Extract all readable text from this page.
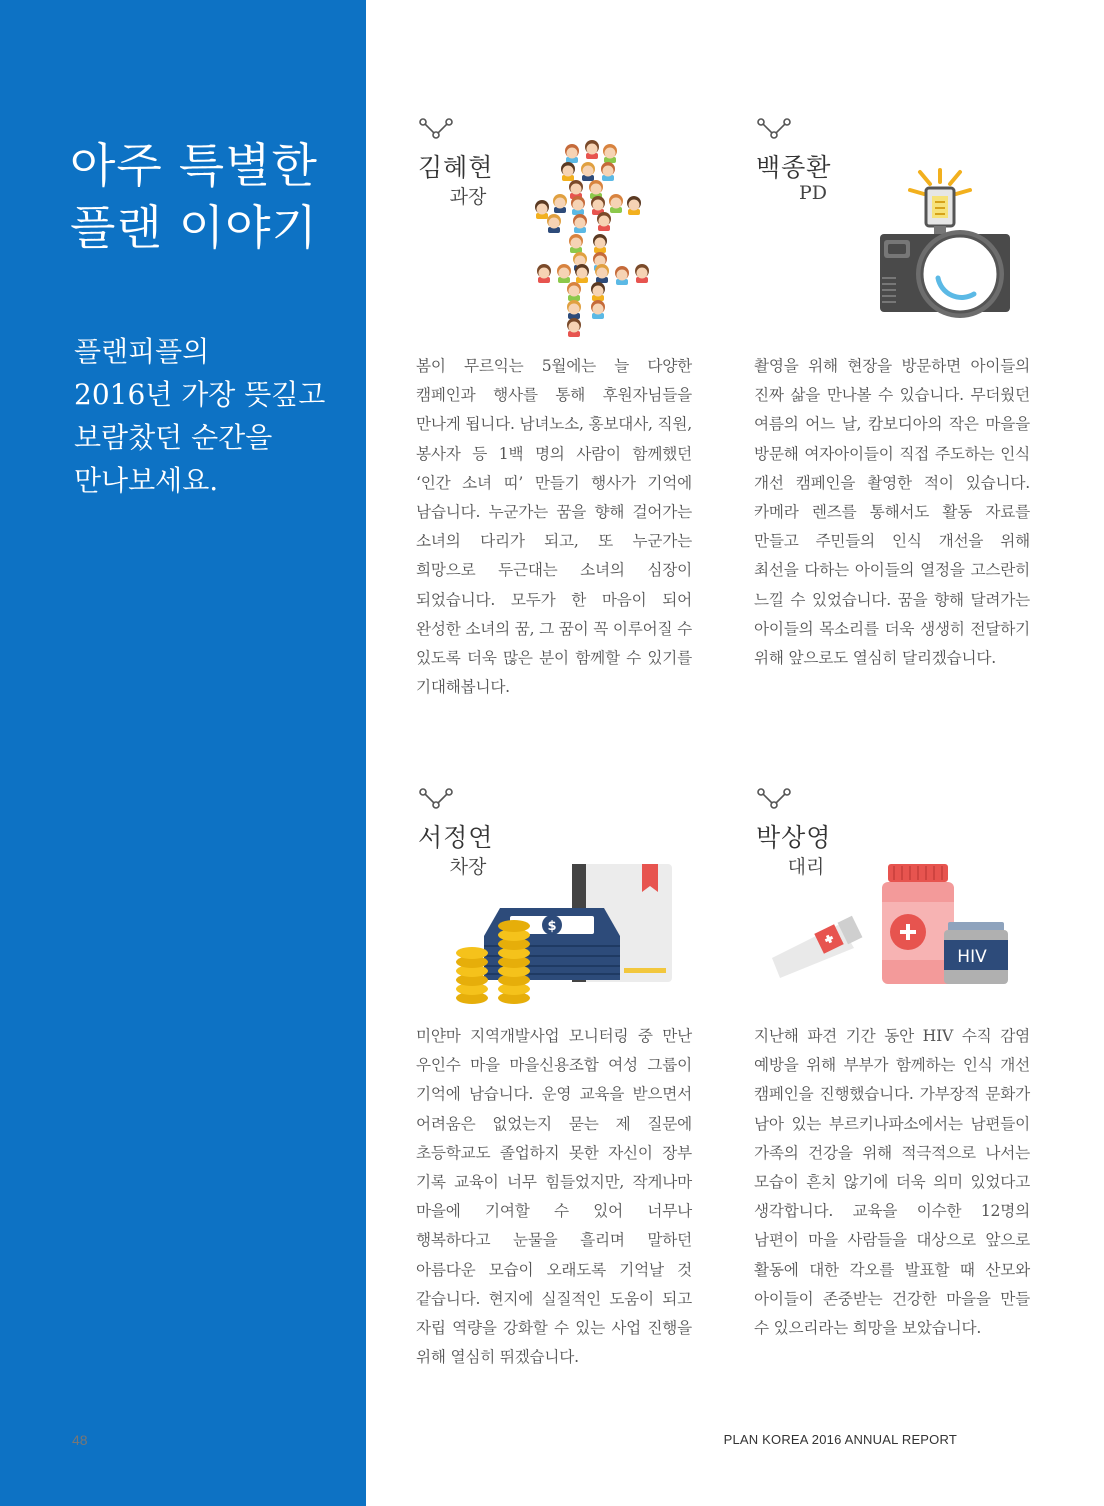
아주 특별한
플랜 이야기
플랜피플의
2016년 가장 뜻깊고
보람찼던 순간을
만나보세요.
48
김혜현
과장
봄이 무르익는 5월에는 늘 다양한 캠페인과 행사를 통해 후원자님들을 만나게 됩니다. 남녀노소, 홍보대사, 직원, 봉사자 등 1백 명의 사람이 함께했던 ‘인간 소녀 띠’ 만들기 행사가 기억에 남습니다. 누군가는 꿈을 향해 걸어가는 소녀의 다리가 되고, 또 누군가는 희망으로 두근대는 소녀의 심장이 되었습니다. 모두가 한 마음이 되어 완성한 소녀의 꿈, 그 꿈이 꼭 이루어질 수 있도록 더욱 많은 분이 함께할 수 있기를 기대해봅니다.
백종환
PD
촬영을 위해 현장을 방문하면 아이들의 진짜 삶을 만나볼 수 있습니다. 무더웠던 여름의 어느 날, 캄보디아의 작은 마을을 방문해 여자아이들이 직접 주도하는 인식 개선 캠페인을 촬영한 적이 있습니다. 카메라 렌즈를 통해서도 활동 자료를 만들고 주민들의 인식 개선을 위해 최선을 다하는 아이들의 열정을 고스란히 느낄 수 있었습니다. 꿈을 향해 달려가는 아이들의 목소리를 더욱 생생히 전달하기 위해 앞으로도 열심히 달리겠습니다.
서정연
차장
$
미얀마 지역개발사업 모니터링 중 만난 우인수 마을 마을신용조합 여성 그룹이 기억에 남습니다. 운영 교육을 받으면서 어려움은 없었는지 묻는 제 질문에 초등학교도 졸업하지 못한 자신이 장부 기록 교육이 너무 힘들었지만, 작게나마 마을에 기여할 수 있어 너무나 행복하다고 눈물을 흘리며 말하던 아름다운 모습이 오래도록 기억날 것 같습니다. 현지에 실질적인 도움이 되고 자립 역량을 강화할 수 있는 사업 진행을 위해 열심히 뛰겠습니다.
박상영
대리
HIV
지난해 파견 기간 동안 HIV 수직 감염 예방을 위해 부부가 함께하는 인식 개선 캠페인을 진행했습니다. 가부장적 문화가 남아 있는 부르키나파소에서는 남편들이 가족의 건강을 위해 적극적으로 나서는 모습이 흔치 않기에 더욱 의미 있었다고 생각합니다. 교육을 이수한 12명의 남편이 마을 사람들을 대상으로 앞으로 활동에 대한 각오를 발표할 때 산모와 아이들이 존중받는 건강한 마을을 만들 수 있으리라는 희망을 보았습니다.
PLAN KOREA 2016 ANNUAL REPORT
